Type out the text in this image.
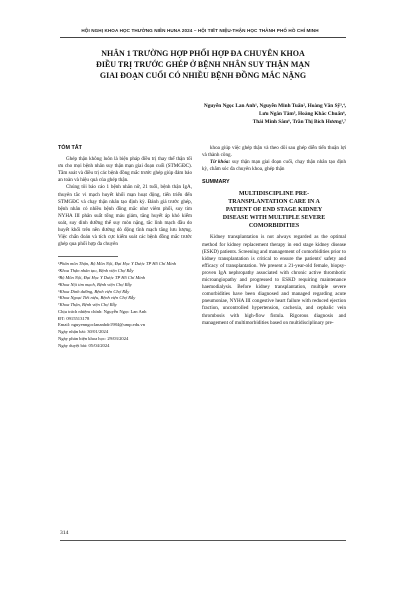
HỘI NGHỊ KHOA HỌC THƯỜNG NIÊN HUNA 2024 – HỘI TIẾT NIỆU-THẬN HỌC THÀNH PHỐ HỒ CHÍ MINH
NHÂN 1 TRƯỜNG HỢP PHỐI HỢP ĐA CHUYÊN KHOA
ĐIỀU TRỊ TRƯỚC GHÉP Ở BỆNH NHÂN SUY THẬN MẠN
GIAI ĐOẠN CUỐI CÓ NHIỀU BỆNH ĐỒNG MẮC NẶNG
Nguyễn Ngọc Lan Anh¹, Nguyễn Minh Tuấn², Hoàng Văn Sỹ³,⁴,
Lưu Ngân Tâm⁵, Hoàng Khắc Chuẩn⁶,
Thái Minh Sâm⁶, Trần Thị Bích Hương¹,⁷
TÓM TẮT

Ghép thận không luôn là biện pháp điều trị thay thế thận tối ưu cho mọi bệnh nhân suy thận mạn giai đoạn cuối (STMGĐC). Tầm soát và điều trị các bệnh đồng mắc trước ghép giúp đảm bảo an toàn và hiệu quả của ghép thận.

Chúng tôi báo cáo 1 bệnh nhân nữ, 21 tuổi, bệnh thận IgA, thuyên tắc vi mạch huyết khối mạn hoạt động, tiến triển đến STMGĐC và chạy thận nhân tạo định kỳ. Đánh giá trước ghép, bệnh nhân có nhiều bệnh đồng mắc như viêm phổi, suy tim NYHA III phân suất tống máu giảm, tăng huyết áp khó kiểm soát, suy dinh dưỡng thể suy mòn nặng, tắc lình mạch đầu do huyết khối trên nền đường dò động tĩnh mạch tăng lưu lượng. Việc chẩn đoán và tích cực kiểm soát các bệnh đồng mắc trước ghép qua phối hợp đa chuyên

¹Phân môn Thận, Bộ Môn Nội, Đại Học Y Dược TP Hồ Chí Minh
²Khoa Thận nhân tạo, Bệnh viện Chợ Rẫy
³Bộ Môn Nội, Đại Học Y Dược TP Hồ Chí Minh
⁴Khoa Nội tim mạch, Bệnh viện Chợ Rẫy
⁵Khoa Dinh dưỡng, Bệnh viện Chợ Rẫy
⁶Khoa Ngoại Tiết niệu, Bệnh viện Chợ Rẫy
⁷Khoa Thận, Bệnh viện Chợ Rẫy
Chịu trách nhiệm chính: Nguyễn Ngọc Lan Anh
ĐT: 0915513178
Email: nguyenngoclananhdr1984@ump.edu.vn
Ngày nhận bài: 30/01/2024
Ngày phản biện khoa học: 29/03/2024
Ngày duyệt bài: 05/04/2024

khoa giúp việc ghép thận và theo dõi sau ghép diễn tiến thuận lợi và thành công.

Từ khóa: suy thận mạn giai đoạn cuối, chạy thận nhân tạo định kỳ, chăm sóc đa chuyên khoa, ghép thận

SUMMARY
MULTIDISCIPLINE PRE-
TRANSPLANTATION CARE IN A
PATIENT OF END STAGE KIDNEY
DISEASE WITH MULTIPLE SEVERE
COMORBIDITIES

Kidney transplantation is not always regarded as the optimal method for kidney replacement therapy in end stage kidney disease (ESKD) patients. Screening and management of comorbidities prior to kidney transplantation is critical to ensure the patients' safety and efficacy of transplantation. We present a 21-year-old female, biopsy-proven IgA nephropathy associated with chronic active thrombotic microangiopathy and progressed to ESKD requiring maintenance haemodialysis. Before kidney transplantation, multiple severe comorbidities have been diagnosed and managed regarding acute pneumoniae, NYHA III congestive heart failure with reduced ejection fraction, uncontrolled hypertension, cachexia, and cephalic vein thrombosis with high-flow fistula. Rigorous diagnosis and management of multimorbidities based on multidisciplinary pre-

314
